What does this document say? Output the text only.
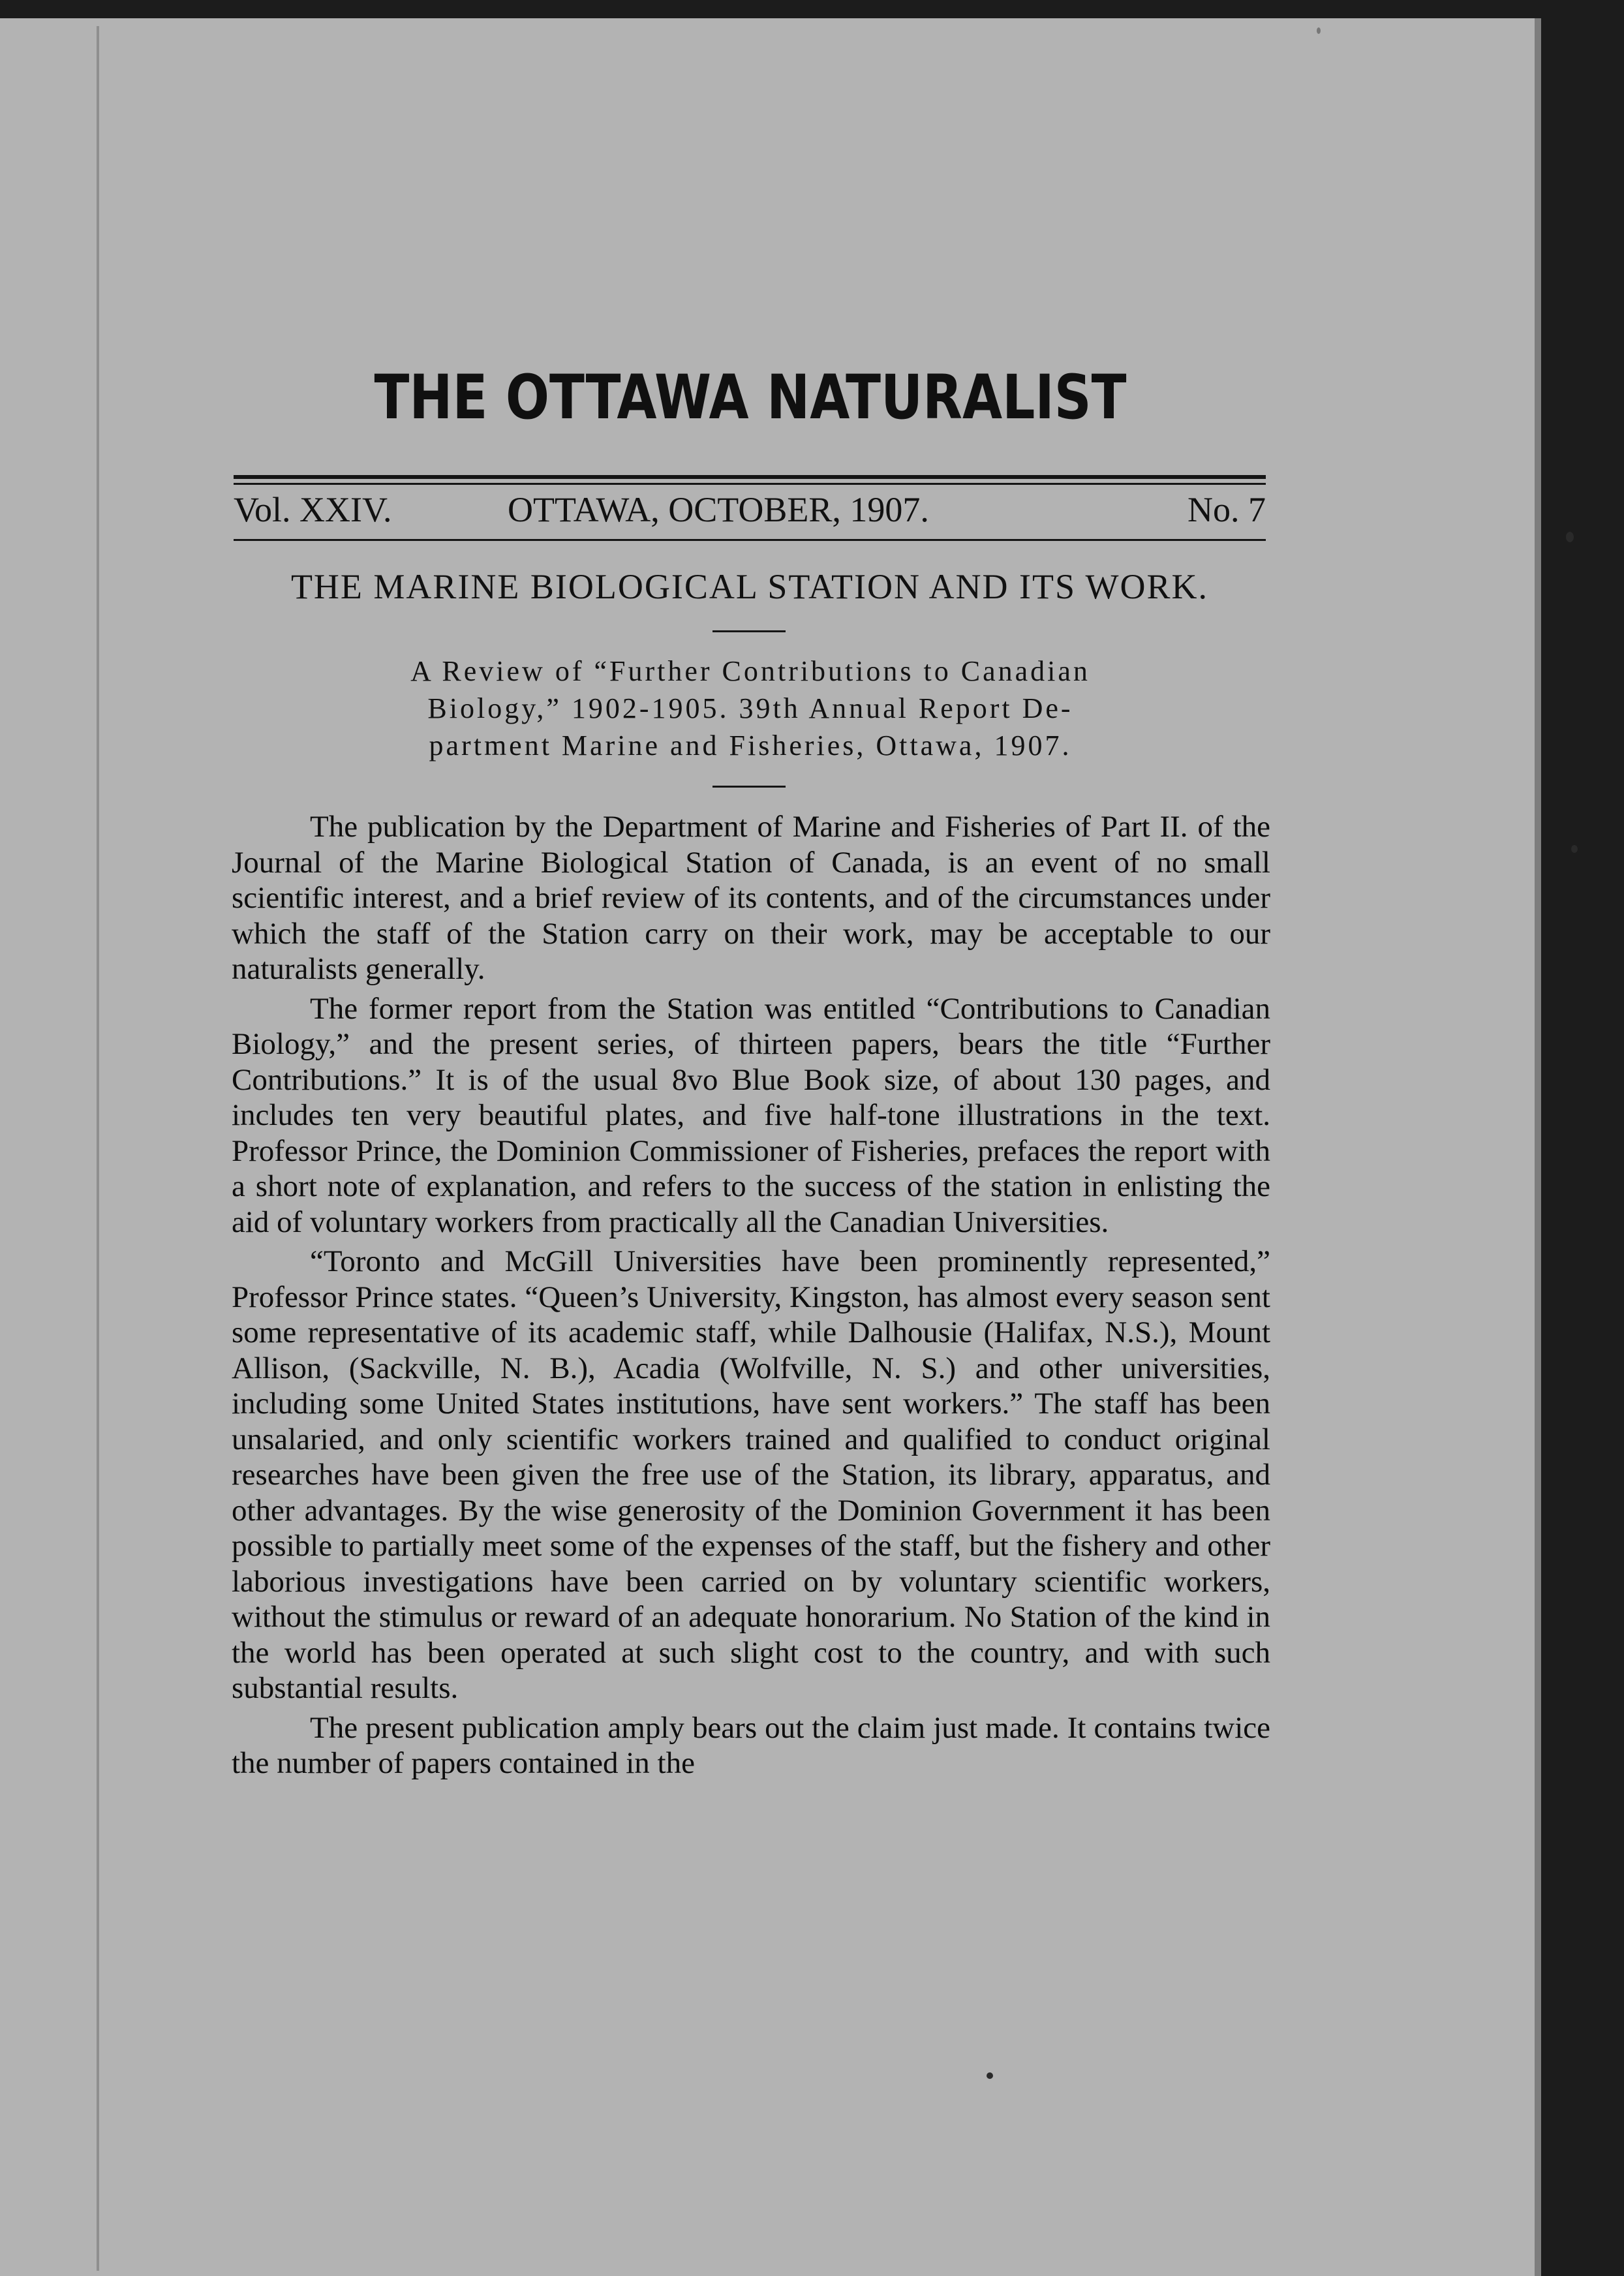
THE OTTAWA NATURALIST
Vol. XXIV.	OTTAWA, OCTOBER, 1907.	No. 7
THE MARINE BIOLOGICAL STATION AND ITS WORK.
A Review of “Further Contributions to Canadian
Biology,” 1902-1905. 39th Annual Report De-
partment Marine and Fisheries, Ottawa, 1907.

The publication by the Department of Marine and Fisheries of Part II. of the Journal of the Marine Biological Station of Canada, is an event of no small scientific interest, and a brief review of its contents, and of the circumstances under which the staff of the Station carry on their work, may be acceptable to our naturalists generally.

The former report from the Station was entitled “Contributions to Canadian Biology,” and the present series, of thirteen papers, bears the title “Further Contributions.” It is of the usual 8vo Blue Book size, of about 130 pages, and includes ten very beautiful plates, and five half-tone illustrations in the text. Professor Prince, the Dominion Commissioner of Fisheries, prefaces the report with a short note of explanation, and refers to the success of the station in enlisting the aid of voluntary workers from practically all the Canadian Universities.

“Toronto and McGill Universities have been prominently represented,” Professor Prince states. “Queen’s University, Kingston, has almost every season sent some representative of its academic staff, while Dalhousie (Halifax, N.S.), Mount Allison, (Sackville, N. B.), Acadia (Wolfville, N. S.) and other universities, including some United States institutions, have sent workers.” The staff has been unsalaried, and only scientific workers trained and qualified to conduct original researches have been given the free use of the Station, its library, apparatus, and other advantages. By the wise generosity of the Dominion Government it has been possible to partially meet some of the expenses of the staff, but the fishery and other laborious investigations have been carried on by voluntary scientific workers, without the stimulus or reward of an adequate honorarium. No Station of the kind in the world has been operated at such slight cost to the country, and with such substantial results.

The present publication amply bears out the claim just made. It contains twice the number of papers contained in the
